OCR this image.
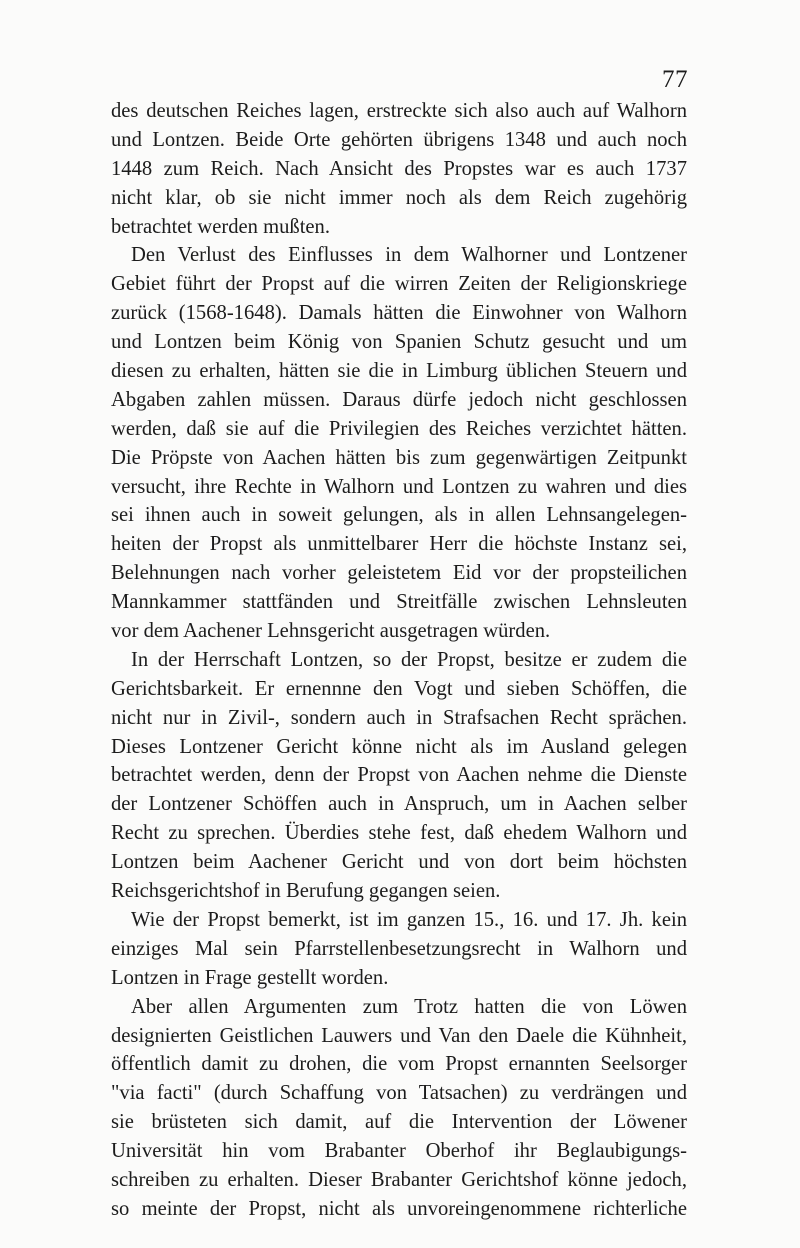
77
des deutschen Reiches lagen, erstreckte sich also auch auf Walhorn
und Lontzen. Beide Orte gehörten übrigens 1348 und auch noch
1448 zum Reich. Nach Ansicht des Propstes war es auch 1737
nicht klar, ob sie nicht immer noch als dem Reich zugehörig
betrachtet werden mußten.
Den Verlust des Einflusses in dem Walhorner und Lontzener
Gebiet führt der Propst auf die wirren Zeiten der Religionskriege
zurück (1568-1648). Damals hätten die Einwohner von Walhorn
und Lontzen beim König von Spanien Schutz gesucht und um
diesen zu erhalten, hätten sie die in Limburg üblichen Steuern und
Abgaben zahlen müssen. Daraus dürfe jedoch nicht geschlossen
werden, daß sie auf die Privilegien des Reiches verzichtet hätten.
Die Pröpste von Aachen hätten bis zum gegenwärtigen Zeitpunkt
versucht, ihre Rechte in Walhorn und Lontzen zu wahren und dies
sei ihnen auch in soweit gelungen, als in allen Lehnsangelegen-
heiten der Propst als unmittelbarer Herr die höchste Instanz sei,
Belehnungen nach vorher geleistetem Eid vor der propsteilichen
Mannkammer stattfänden und Streitfälle zwischen Lehnsleuten
vor dem Aachener Lehnsgericht ausgetragen würden.
In der Herrschaft Lontzen, so der Propst, besitze er zudem die
Gerichtsbarkeit. Er ernennne den Vogt und sieben Schöffen, die
nicht nur in Zivil-, sondern auch in Strafsachen Recht sprächen.
Dieses Lontzener Gericht könne nicht als im Ausland gelegen
betrachtet werden, denn der Propst von Aachen nehme die Dienste
der Lontzener Schöffen auch in Anspruch, um in Aachen selber
Recht zu sprechen. Überdies stehe fest, daß ehedem Walhorn und
Lontzen beim Aachener Gericht und von dort beim höchsten
Reichsgerichtshof in Berufung gegangen seien.
Wie der Propst bemerkt, ist im ganzen 15., 16. und 17. Jh. kein
einziges Mal sein Pfarrstellenbesetzungsrecht in Walhorn und
Lontzen in Frage gestellt worden.
Aber allen Argumenten zum Trotz hatten die von Löwen
designierten Geistlichen Lauwers und Van den Daele die Kühnheit,
öffentlich damit zu drohen, die vom Propst ernannten Seelsorger
"via facti" (durch Schaffung von Tatsachen) zu verdrängen und
sie brüsteten sich damit, auf die Intervention der Löwener
Universität hin vom Brabanter Oberhof ihr Beglaubigungs-
schreiben zu erhalten. Dieser Brabanter Gerichtshof könne jedoch,
so meinte der Propst, nicht als unvoreingenommene richterliche
